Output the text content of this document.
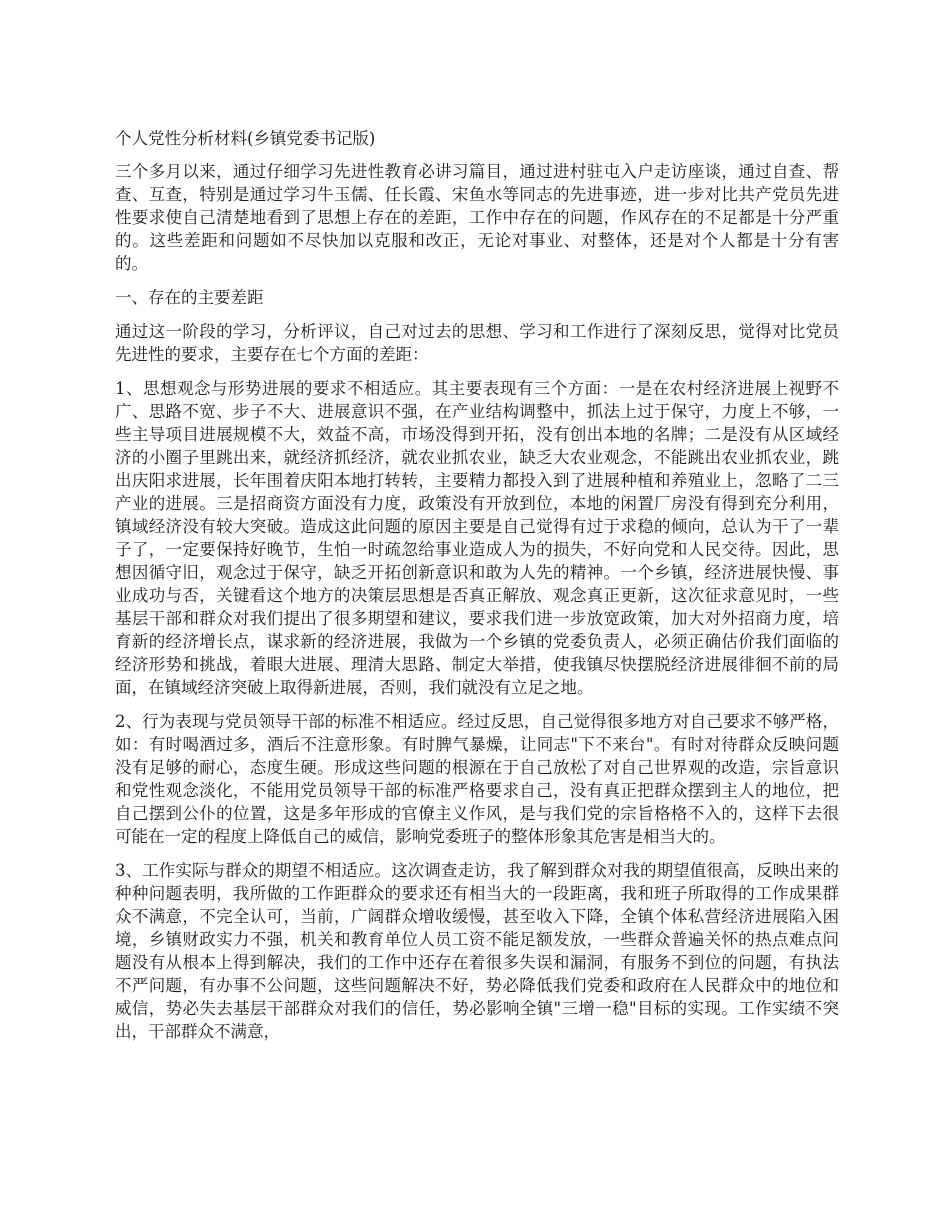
个人党性分析材料(乡镇党委书记版)

三个多月以来，通过仔细学习先进性教育必讲习篇目，通过进村驻屯入户走访座谈，通过自查、帮查、互查，特别是通过学习牛玉儒、任长霞、宋鱼水等同志的先进事迹，进一步对比共产党员先进性要求使自己清楚地看到了思想上存在的差距，工作中存在的问题，作风存在的不足都是十分严重的。这些差距和问题如不尽快加以克服和改正，无论对事业、对整体，还是对个人都是十分有害的。

一、存在的主要差距

通过这一阶段的学习，分析评议，自己对过去的思想、学习和工作进行了深刻反思，觉得对比党员先进性的要求，主要存在七个方面的差距：

1、思想观念与形势进展的要求不相适应。其主要表现有三个方面：一是在农村经济进展上视野不广、思路不宽、步子不大、进展意识不强，在产业结构调整中，抓法上过于保守，力度上不够，一些主导项目进展规模不大，效益不高，市场没得到开拓，没有创出本地的名牌；二是没有从区域经济的小圈子里跳出来，就经济抓经济，就农业抓农业，缺乏大农业观念，不能跳出农业抓农业，跳出庆阳求进展，长年围着庆阳本地打转转，主要精力都投入到了进展种植和养殖业上，忽略了二三产业的进展。三是招商资方面没有力度，政策没有开放到位，本地的闲置厂房没有得到充分利用，镇域经济没有较大突破。造成这此问题的原因主要是自己觉得有过于求稳的倾向，总认为干了一辈子了，一定要保持好晚节，生怕一时疏忽给事业造成人为的损失，不好向党和人民交待。因此，思想因循守旧，观念过于保守，缺乏开拓创新意识和敢为人先的精神。一个乡镇，经济进展快慢、事业成功与否，关键看这个地方的决策层思想是否真正解放、观念真正更新，这次征求意见时，一些基层干部和群众对我们提出了很多期望和建议，要求我们进一步放宽政策，加大对外招商力度，培育新的经济增长点，谋求新的经济进展，我做为一个乡镇的党委负责人，必须正确估价我们面临的经济形势和挑战，着眼大进展、理清大思路、制定大举措，使我镇尽快摆脱经济进展徘徊不前的局面，在镇域经济突破上取得新进展，否则，我们就没有立足之地。

2、行为表现与党员领导干部的标准不相适应。经过反思，自己觉得很多地方对自己要求不够严格，如：有时喝酒过多，酒后不注意形象。有时脾气暴燥，让同志"下不来台"。有时对待群众反映问题没有足够的耐心，态度生硬。形成这些问题的根源在于自己放松了对自己世界观的改造，宗旨意识和党性观念淡化，不能用党员领导干部的标准严格要求自己，没有真正把群众摆到主人的地位，把自己摆到公仆的位置，这是多年形成的官僚主义作风，是与我们党的宗旨格格不入的，这样下去很可能在一定的程度上降低自己的威信，影响党委班子的整体形象其危害是相当大的。

3、工作实际与群众的期望不相适应。这次调查走访，我了解到群众对我的期望值很高，反映出来的种种问题表明，我所做的工作距群众的要求还有相当大的一段距离，我和班子所取得的工作成果群众不满意，不完全认可，当前，广阔群众增收缓慢，甚至收入下降，全镇个体私营经济进展陷入困境，乡镇财政实力不强，机关和教育单位人员工资不能足额发放，一些群众普遍关怀的热点难点问题没有从根本上得到解决，我们的工作中还存在着很多失误和漏洞，有服务不到位的问题，有执法不严问题，有办事不公问题，这些问题解决不好，势必降低我们党委和政府在人民群众中的地位和威信，势必失去基层干部群众对我们的信任，势必影响全镇"三增一稳"目标的实现。工作实绩不突出，干部群众不满意，
